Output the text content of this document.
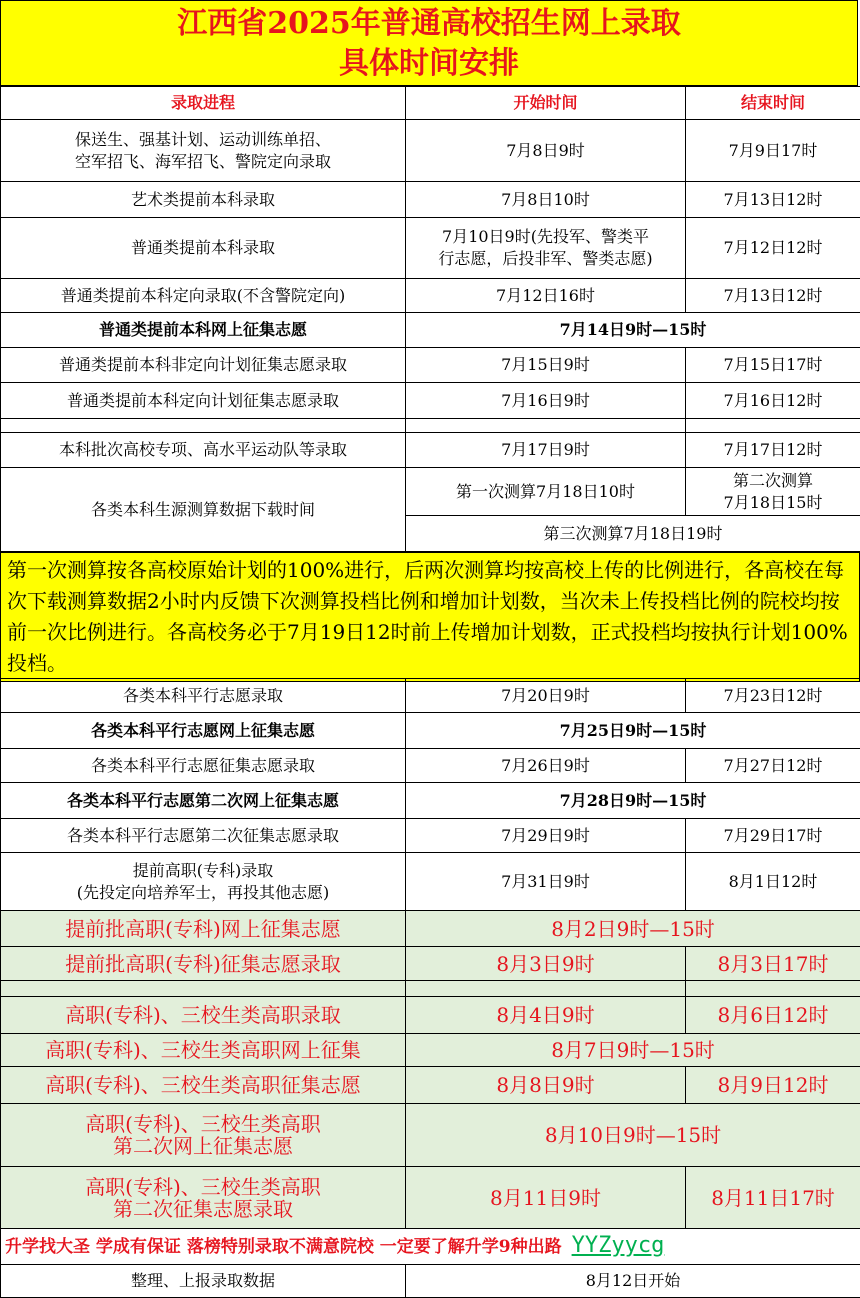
江西省2025年普通高校招生网上录取
具体时间安排
录取进程	开始时间	结束时间

保送生、强基计划、运动训练单招、
空军招飞、海军招飞、警院定向录取	7月8日9时	7月9日17时
艺术类提前本科录取	7月8日10时	7月13日12时
普通类提前本科录取	7月10日9时(先投军、警类平
行志愿，后投非军、警类志愿)	7月12日12时
普通类提前本科定向录取(不含警院定向)	7月12日16时	7月13日12时
普通类提前本科网上征集志愿	7月14日9时—15时	
普通类提前本科非定向计划征集志愿录取	7月15日9时	7月15日17时
普通类提前本科定向计划征集志愿录取	7月16日9时	7月16日12时

本科批次高校专项、高水平运动队等录取	7月17日9时	7月17日12时
各类本科生源测算数据下载时间	第一次测算7月18日10时	第二次测算
7月18日15时

	第三次测算7月18日19时	
第一次测算按各高校原始计划的100%进行，后两次测算均按高校上传的比例进行，各高校在每次下载测算数据2小时内反馈下次测算投档比例和增加计划数，当次未上传投档比例的院校均按前一次比例进行。各高校务必于7月19日12时前上传增加计划数，正式投档均按执行计划100%投档。
各类本科平行志愿录取	7月20日9时	7月23日12时
各类本科平行志愿网上征集志愿	7月25日9时—15时	
各类本科平行志愿征集志愿录取	7月26日9时	7月27日12时
各类本科平行志愿第二次网上征集志愿	7月28日9时—15时	
各类本科平行志愿第二次征集志愿录取	7月29日9时	7月29日17时

提前高职(专科)录取
(先投定向培养军士，再投其他志愿)	7月31日9时	8月1日12时
提前批高职(专科)网上征集志愿	8月2日9时—15时	
提前批高职(专科)征集志愿录取	8月3日9时	8月3日17时

高职(专科)、三校生类高职录取	8月4日9时	8月6日12时
高职(专科)、三校生类高职网上征集	8月7日9时—15时	
高职(专科)、三校生类高职征集志愿	8月8日9时	8月9日12时

高职(专科)、三校生类高职
第二次网上征集志愿	8月10日9时—15时	

高职(专科)、三校生类高职
第二次征集志愿录取	8月11日9时	8月11日17时
升学找大圣 学成有保证 落榜特别录取不满意院校 一定要了解升学9种出路 YYZyycg
整理、上报录取数据	8月12日开始
